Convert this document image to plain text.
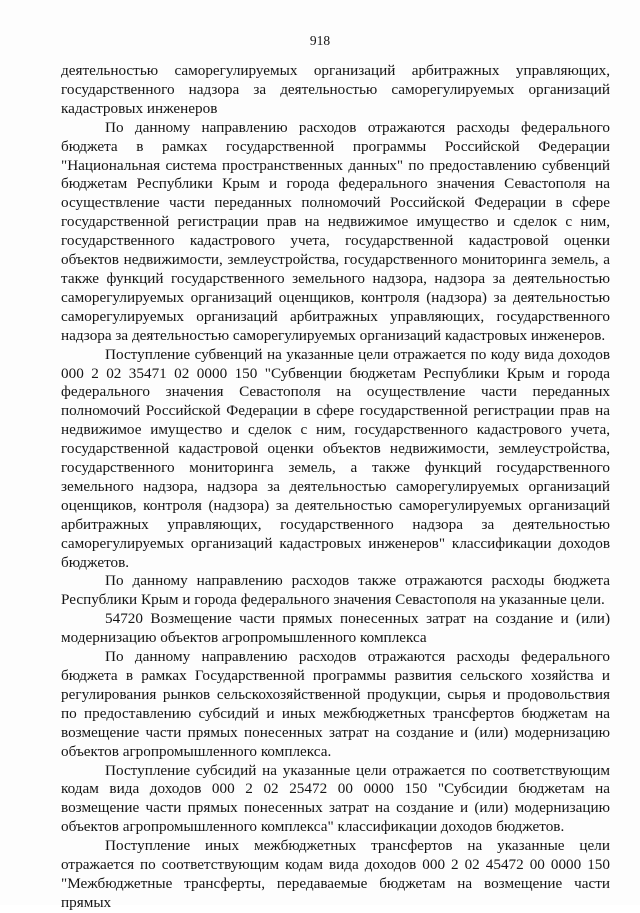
918

деятельностью саморегулируемых организаций арбитражных управляющих, государственного надзора за деятельностью саморегулируемых организаций кадастровых инженеров

По данному направлению расходов отражаются расходы федерального бюджета в рамках государственной программы Российской Федерации "Национальная система пространственных данных" по предоставлению субвенций бюджетам Республики Крым и города федерального значения Севастополя на осуществление части переданных полномочий Российской Федерации в сфере государственной регистрации прав на недвижимое имущество и сделок с ним, государственного кадастрового учета, государственной кадастровой оценки объектов недвижимости, землеустройства, государственного мониторинга земель, а также функций государственного земельного надзора, надзора за деятельностью саморегулируемых организаций оценщиков, контроля (надзора) за деятельностью саморегулируемых организаций арбитражных управляющих, государственного надзора за деятельностью саморегулируемых организаций кадастровых инженеров.

Поступление субвенций на указанные цели отражается по коду вида доходов 000 2 02 35471 02 0000 150 "Субвенции бюджетам Республики Крым и города федерального значения Севастополя на осуществление части переданных полномочий Российской Федерации в сфере государственной регистрации прав на недвижимое имущество и сделок с ним, государственного кадастрового учета, государственной кадастровой оценки объектов недвижимости, землеустройства, государственного мониторинга земель, а также функций государственного земельного надзора, надзора за деятельностью саморегулируемых организаций оценщиков, контроля (надзора) за деятельностью саморегулируемых организаций арбитражных управляющих, государственного надзора за деятельностью саморегулируемых организаций кадастровых инженеров" классификации доходов бюджетов.

По данному направлению расходов также отражаются расходы бюджета Республики Крым и города федерального значения Севастополя на указанные цели.

54720 Возмещение части прямых понесенных затрат на создание и (или) модернизацию объектов агропромышленного комплекса

По данному направлению расходов отражаются расходы федерального бюджета в рамках Государственной программы развития сельского хозяйства и регулирования рынков сельскохозяйственной продукции, сырья и продовольствия по предоставлению субсидий и иных межбюджетных трансфертов бюджетам на возмещение части прямых понесенных затрат на создание и (или) модернизацию объектов агропромышленного комплекса.

Поступление субсидий на указанные цели отражается по соответствующим кодам вида доходов 000 2 02 25472 00 0000 150 "Субсидии бюджетам на возмещение части прямых понесенных затрат на создание и (или) модернизацию объектов агропромышленного комплекса" классификации доходов бюджетов.

Поступление иных межбюджетных трансфертов на указанные цели отражается по соответствующим кодам вида доходов 000 2 02 45472 00 0000 150 "Межбюджетные трансферты, передаваемые бюджетам на возмещение части прямых
